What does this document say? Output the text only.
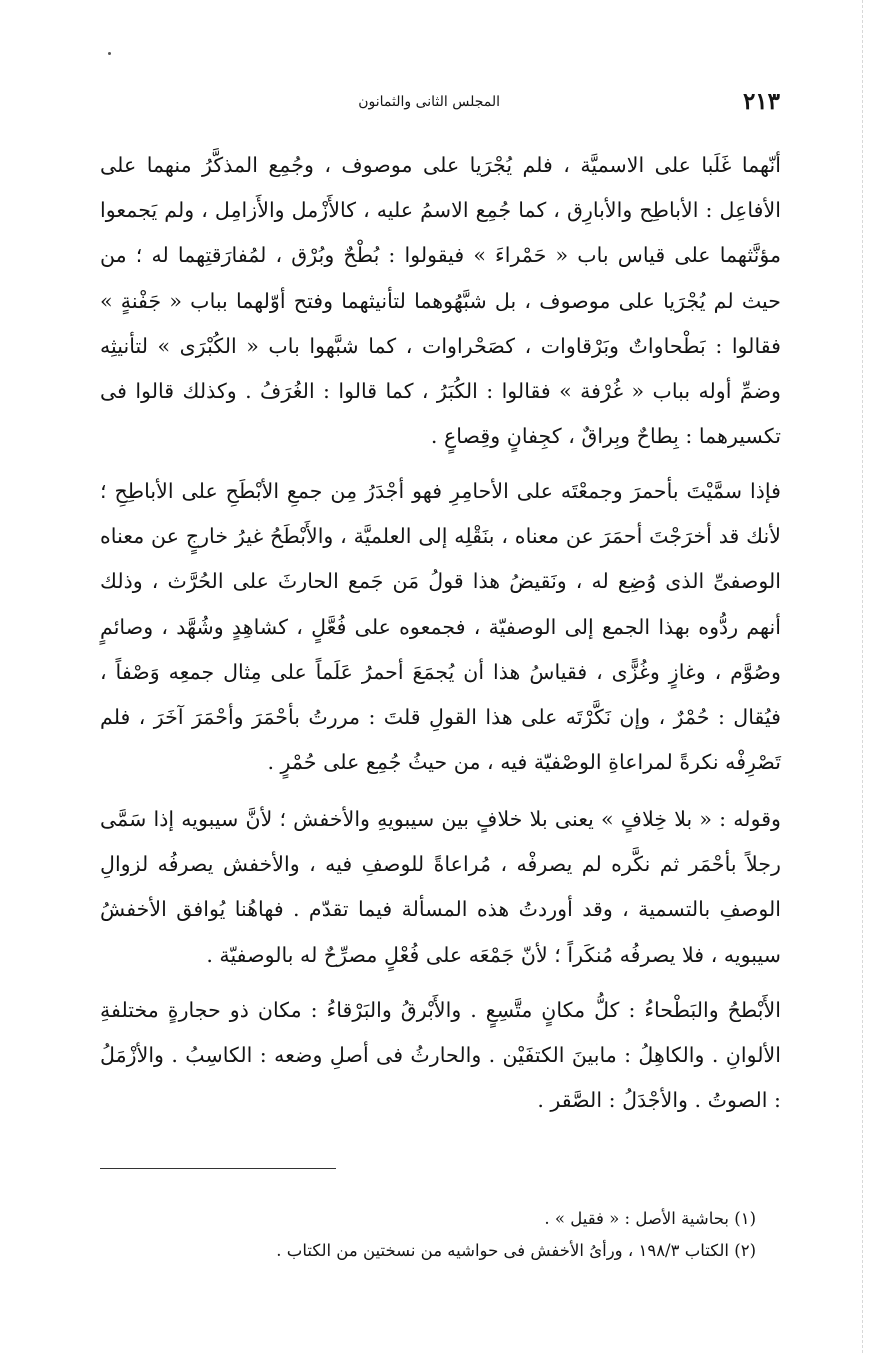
٢١٣
المجلس الثانى والثمانون

أنّهما غَلَبا على الاسميَّة ، فلم يُجْرَيا على موصوف ، وجُمِع المذكَّرُ منهما على الأفاعِل : الأباطِح والأبارِق ، كما جُمِع الاسمُ عليه ، كالأَزْمل والأَزامِل ، ولم يَجمعوا مؤنَّثهما على قياس باب « حَمْراءَ » فيقولوا : بُطْحٌ وبُرْق ، لمُفارَقتِهما له ؛ من حيث لم يُجْرَيا على موصوف ، بل شبَّهُوهما لتأنيثهما وفتح أوّلهما بباب « جَفْنةٍ » فقالوا : بَطْحاواتٌ وبَرْقاوات ، كصَحْراوات ، كما شبَّهوا باب « الكُبْرَى » لتأنيثِه وضمِّ أوله بباب « غُرْفة » فقالوا : الكُبَرُ ، كما قالوا : الغُرَفُ . وكذلك قالوا فى تكسيرهما : بِطاحٌ وبِراقٌ ، كجِفانٍ وقِصاعٍ .

فإذا سمَّيْتَ بأحمرَ وجمعْتَه على الأحامِرِ فهو أجْدَرُ مِن جمعِ الأبْطَحِ على الأباطِحِ ؛ لأنك قد أخرَجْتَ أحمَرَ عن معناه ، بنَقْلِه إلى العلميَّة ، والأَبْطَحُ غيرُ خارجٍ عن معناه الوصفىِّ الذى وُضِع له ، ونَقيضُ هذا قولُ مَن جَمع الحارثَ على الحُرَّث ، وذلك أنهم ردُّوه بهذا الجمع إلى الوصفيّة ، فجمعوه على فُعَّلٍ ، كشاهِدٍ وشُهَّد ، وصائمٍ وصُوَّم ، وغازٍ وغُزًّى ، فقياسُ هذا أن يُجمَعَ أحمرُ عَلَماً على مِثال جمعِه وَصْفاً ، فيُقال : حُمْرٌ ، وإن نَكَّرْتَه على هذا القولِ قلتَ : مررتُ بأحْمَرَ وأحْمَرَ آخَرَ ، فلم تَصْرِفْه نكرةً لمراعاةِ الوصْفيّة فيه ، من حيثُ جُمِع على حُمْرٍ .

وقوله : « بلا خِلافٍ » يعنى بلا خلافٍ بين سيبويهِ والأخفش ؛ لأنَّ سيبويه إذا سَمَّى رجلاً بأحْمَر ثم نكَّره لم يصرفْه ، مُراعاةً للوصفِ فيه ، والأخفش يصرفُه لزوالِ الوصفِ بالتسمية ، وقد أوردتُ هذه المسألة فيما تقدّم . فهاهُنا يُوافق الأخفشُ سيبويه ، فلا يصرفُه مُنكَراً ؛ لأنّ جَمْعَه على فُعْلٍ مصرِّحٌ له بالوصفيّة .

الأَبْطحُ والبَطْحاءُ : كلُّ مكانٍ متَّسِعٍ . والأَبْرقُ والبَرْقاءُ : مكان ذو حجارةٍ مختلفةِ الألوانِ . والكاهِلُ : مابينَ الكتفَيْن . والحارثُ فى أصلِ وضعه : الكاسِبُ . والأزْمَلُ : الصوتُ . والأجْدَلُ : الصَّقر .

(١) بحاشية الأصل : « فقيل » .
(٢) الكتاب ١٩٨/٣ ، ورأىُ الأخفش فى حواشيه من نسختين من الكتاب .
